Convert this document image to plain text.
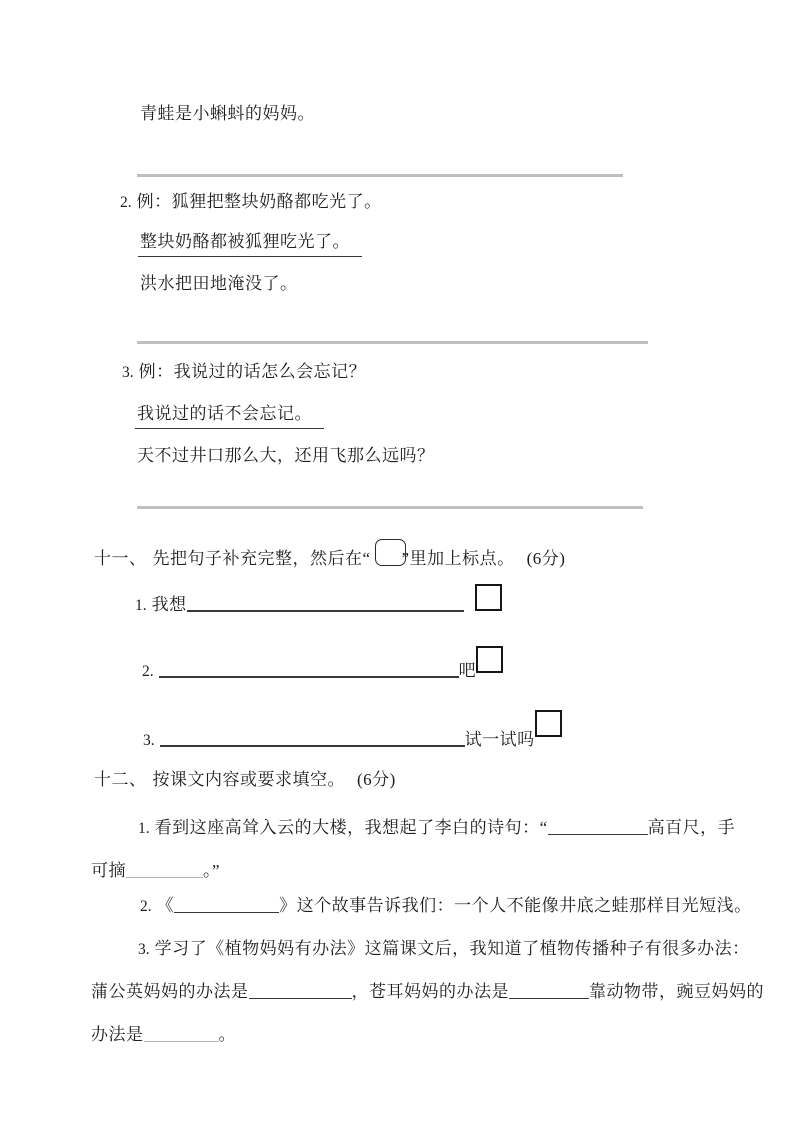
青蛙是小蝌蚪的妈妈。
2. 例：狐狸把整块奶酪都吃光了。
整块奶酪都被狐狸吃光了。
洪水把田地淹没了。
3. 例：我说过的话怎么会忘记？
我说过的话不会忘记。
天不过井口那么大，还用飞那么远吗？
十一、 先把句子补充完整，然后在“ ”里加上标点。 (6分)
1. 我想
2.	吧
3.	试一试吗
十二、 按课文内容或要求填空。 (6分)
1. 看到这座高耸入云的大楼，我想起了李白的诗句：“	高百尺，手
可摘	。”
2. 《	》这个故事告诉我们：一个人不能像井底之蛙那样目光短浅。
3. 学习了《植物妈妈有办法》这篇课文后，我知道了植物传播种子有很多办法：
蒲公英妈妈的办法是	，苍耳妈妈的办法是	靠动物带，豌豆妈妈的
办法是	。
